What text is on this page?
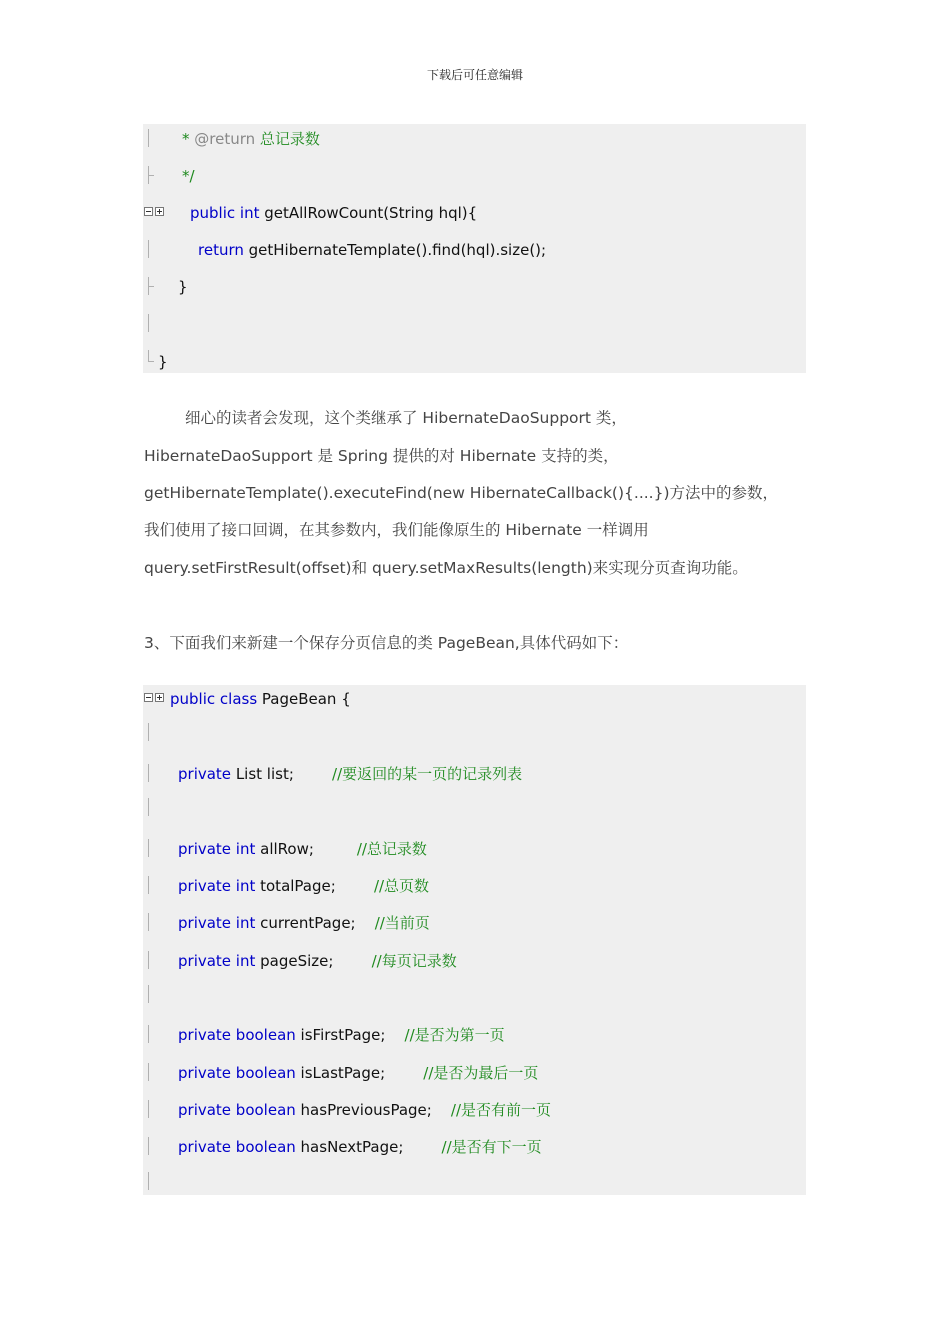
下载后可任意编辑
* @return 总记录数
*/
public int getAllRowCount(String hql){
return getHibernateTemplate().find(hql).size();
}
}
细心的读者会发现，这个类继承了 HibernateDaoSupport 类，
HibernateDaoSupport 是 Spring 提供的对 Hibernate 支持的类，
getHibernateTemplate().executeFind(new HibernateCallback(){....})方法中的参数，
我们使用了接口回调，在其参数内，我们能像原生的 Hibernate 一样调用
query.setFirstResult(offset)和 query.setMaxResults(length)来实现分页查询功能。
3、下面我们来新建一个保存分页信息的类 PageBean,具体代码如下：
public class PageBean {
private List list;        //要返回的某一页的记录列表
private int allRow;         //总记录数
private int totalPage;        //总页数
private int currentPage;    //当前页
private int pageSize;        //每页记录数
private boolean isFirstPage;    //是否为第一页
private boolean isLastPage;        //是否为最后一页
private boolean hasPreviousPage;    //是否有前一页
private boolean hasNextPage;        //是否有下一页
